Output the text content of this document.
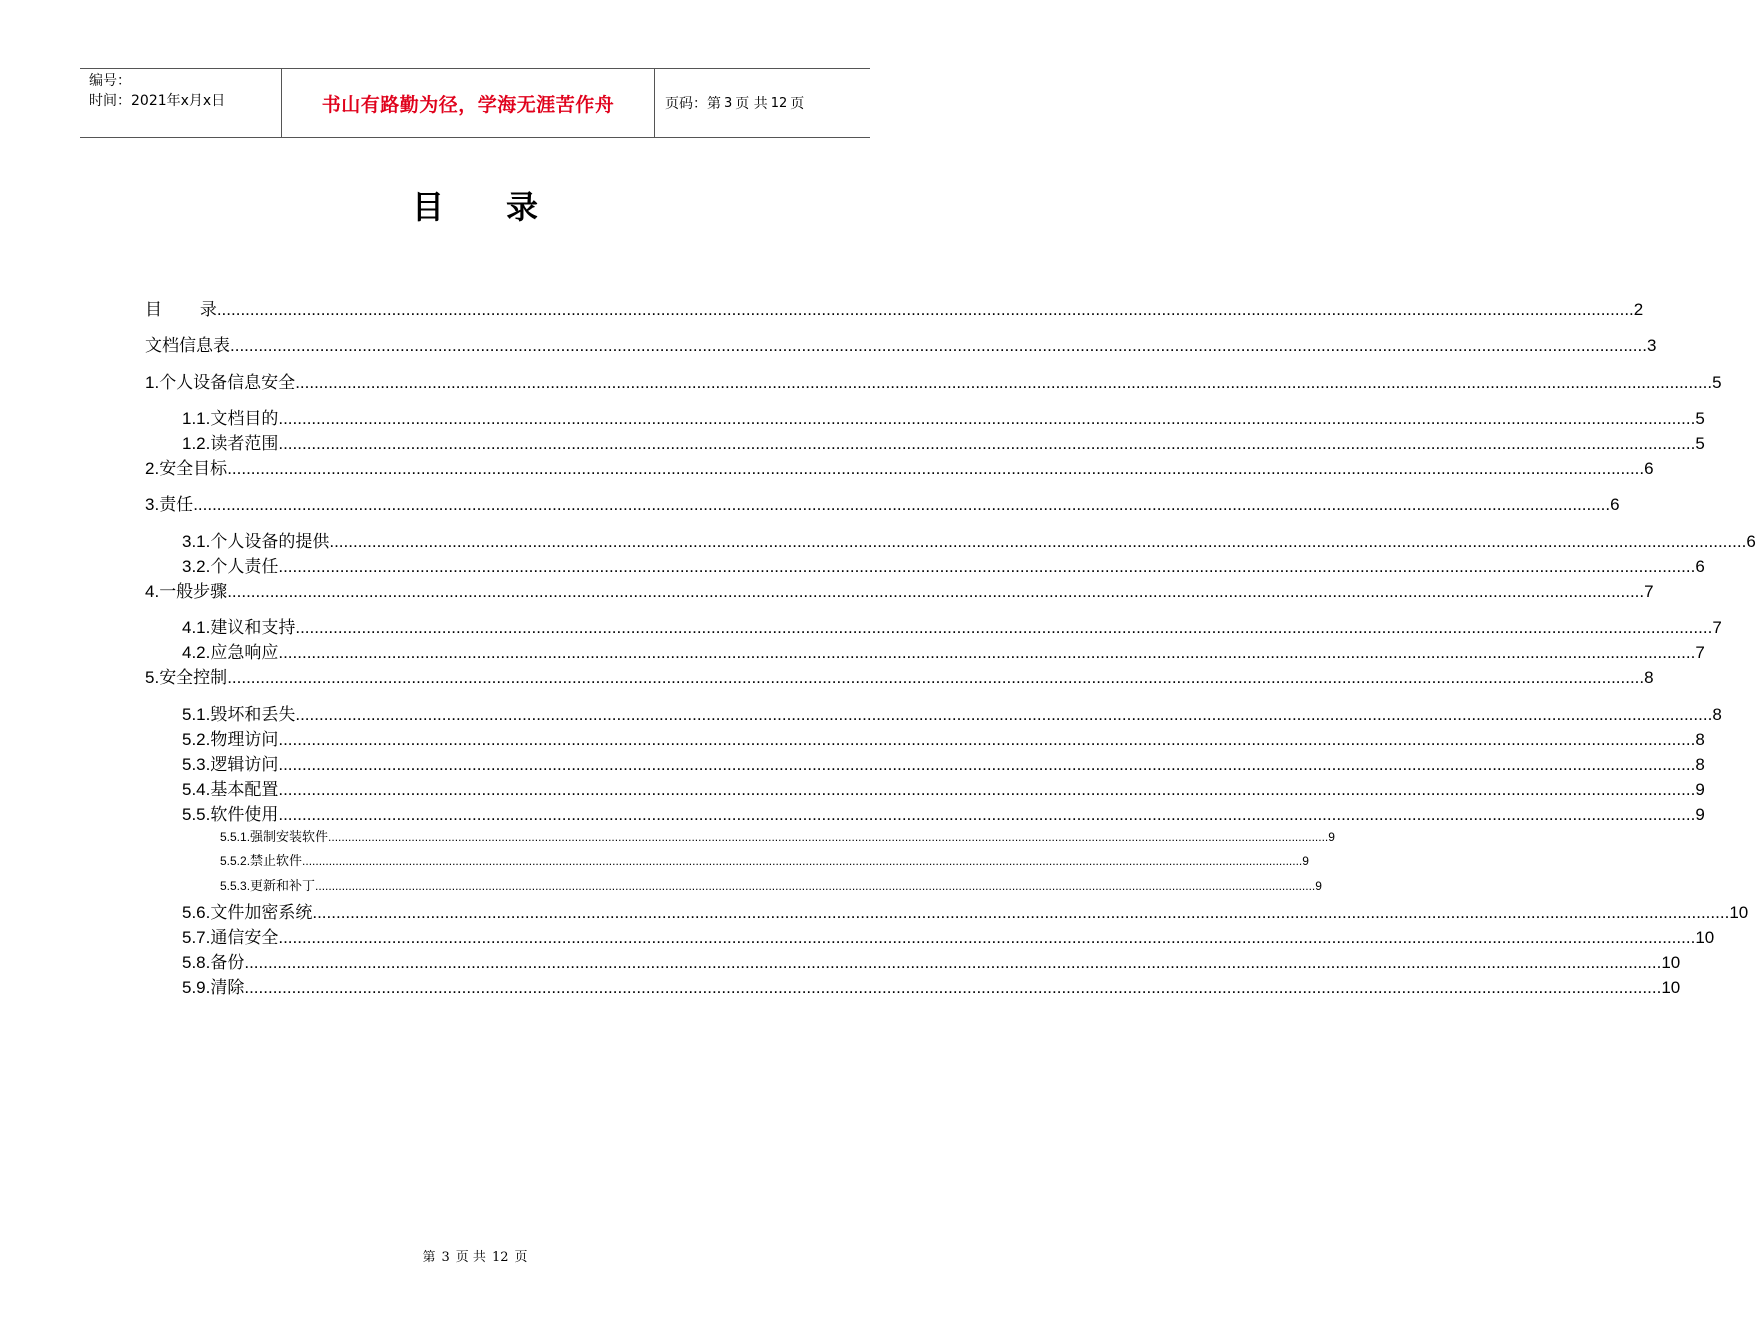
编号：
时间：2021年x月x日	书山有路勤为径，学海无涯苦作舟	页码：第 3 页 共 12 页
目 录
目       录 ............................................................................................................................................................................................................................................................................................................ 2
文档信息表 ............................................................................................................................................................................................................................................................................................................ 3
1. 个人设备信息安全 ............................................................................................................................................................................................................................................................................................................ 5
1.1. 文档目的 ............................................................................................................................................................................................................................................................................................................ 5
1.2. 读者范围 ............................................................................................................................................................................................................................................................................................................ 5
2. 安全目标 ............................................................................................................................................................................................................................................................................................................ 6
3. 责任 ............................................................................................................................................................................................................................................................................................................ 6
3.1. 个人设备的提供 ............................................................................................................................................................................................................................................................................................................ 6
3.2. 个人责任 ............................................................................................................................................................................................................................................................................................................ 6
4. 一般步骤 ............................................................................................................................................................................................................................................................................................................ 7
4.1. 建议和支持 ............................................................................................................................................................................................................................................................................................................ 7
4.2. 应急响应 ............................................................................................................................................................................................................................................................................................................ 7
5. 安全控制 ............................................................................................................................................................................................................................................................................................................ 8
5.1. 毁坏和丢失 ............................................................................................................................................................................................................................................................................................................ 8
5.2. 物理访问 ............................................................................................................................................................................................................................................................................................................ 8
5.3. 逻辑访问 ............................................................................................................................................................................................................................................................................................................ 8
5.4. 基本配置 ............................................................................................................................................................................................................................................................................................................ 9
5.5. 软件使用 ............................................................................................................................................................................................................................................................................................................ 9
5.5.1. 强制安装软件 ............................................................................................................................................................................................................................................................................................................ 9
5.5.2. 禁止软件 ............................................................................................................................................................................................................................................................................................................ 9
5.5.3. 更新和补丁 ............................................................................................................................................................................................................................................................................................................ 9
5.6. 文件加密系统 ............................................................................................................................................................................................................................................................................................................ 10
5.7. 通信安全 ............................................................................................................................................................................................................................................................................................................ 10
5.8. 备份 ............................................................................................................................................................................................................................................................................................................ 10
5.9. 清除 ............................................................................................................................................................................................................................................................................................................ 10
第 3 页 共 12 页
